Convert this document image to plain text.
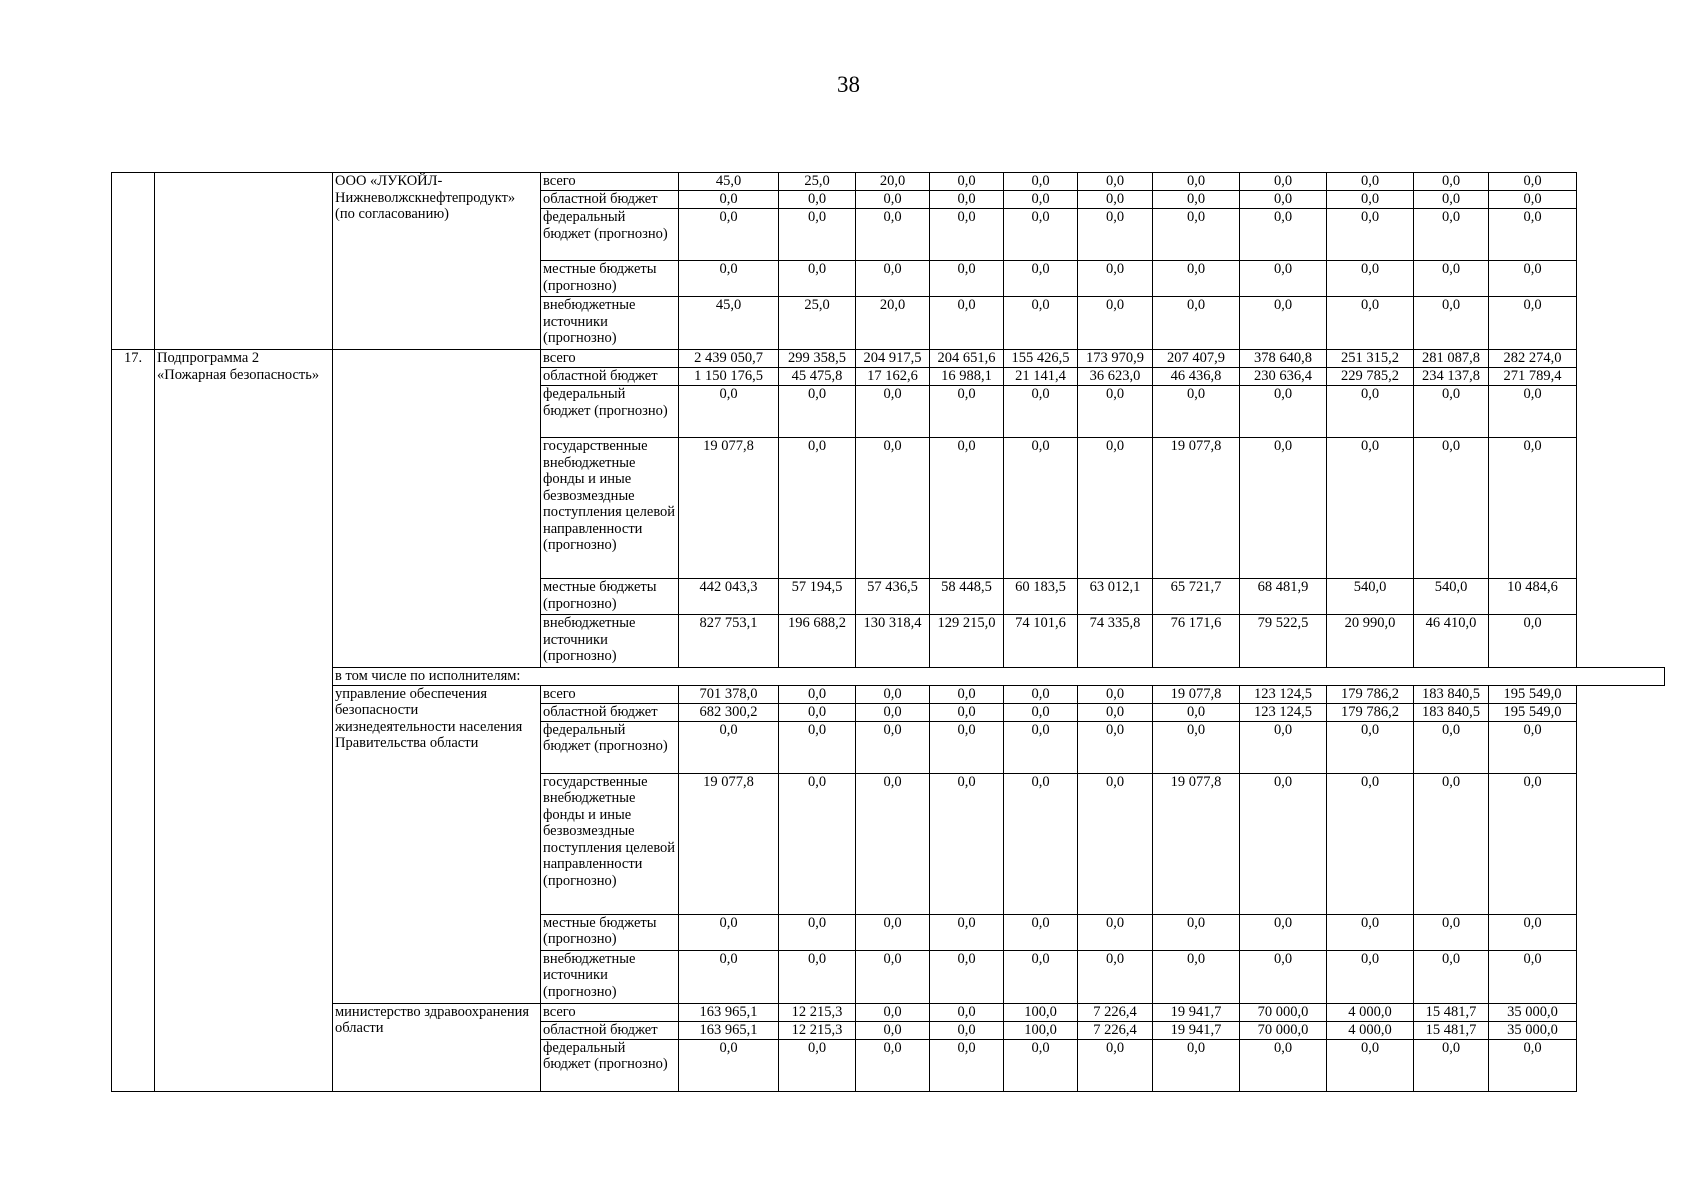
38
		ООО «ЛУКОЙЛ-Нижневолжскнефтепродукт» (по согласованию)	всего	45,0	25,0	20,0	0,0	0,0	0,0	0,0	0,0	0,0	0,0	0,0
			областной бюджет	0,0	0,0	0,0	0,0	0,0	0,0	0,0	0,0	0,0	0,0	0,0
			федеральный бюджет (прогнозно)	0,0	0,0	0,0	0,0	0,0	0,0	0,0	0,0	0,0	0,0	0,0
			местные бюджеты (прогнозно)	0,0	0,0	0,0	0,0	0,0	0,0	0,0	0,0	0,0	0,0	0,0
			внебюджетные источники (прогнозно)	45,0	25,0	20,0	0,0	0,0	0,0	0,0	0,0	0,0	0,0	0,0
17.	Подпрограмма 2 «Пожарная безопасность»		всего	2 439 050,7	299 358,5	204 917,5	204 651,6	155 426,5	173 970,9	207 407,9	378 640,8	251 315,2	281 087,8	282 274,0
			областной бюджет	1 150 176,5	45 475,8	17 162,6	16 988,1	21 141,4	36 623,0	46 436,8	230 636,4	229 785,2	234 137,8	271 789,4
			федеральный бюджет (прогнозно)	0,0	0,0	0,0	0,0	0,0	0,0	0,0	0,0	0,0	0,0	0,0
			государственные внебюджетные фонды и иные безвозмездные поступления целевой направленности (прогнозно)	19 077,8	0,0	0,0	0,0	0,0	0,0	19 077,8	0,0	0,0	0,0	0,0
			местные бюджеты (прогнозно)	442 043,3	57 194,5	57 436,5	58 448,5	60 183,5	63 012,1	65 721,7	68 481,9	540,0	540,0	10 484,6
			внебюджетные источники (прогнозно)	827 753,1	196 688,2	130 318,4	129 215,0	74 101,6	74 335,8	76 171,6	79 522,5	20 990,0	46 410,0	0,0
		в том числе по исполнителям:												
		управление обеспечения безопасности жизнедеятельности населения Правительства области	всего	701 378,0	0,0	0,0	0,0	0,0	0,0	19 077,8	123 124,5	179 786,2	183 840,5	195 549,0
			областной бюджет	682 300,2	0,0	0,0	0,0	0,0	0,0	0,0	123 124,5	179 786,2	183 840,5	195 549,0
			федеральный бюджет (прогнозно)	0,0	0,0	0,0	0,0	0,0	0,0	0,0	0,0	0,0	0,0	0,0
			государственные внебюджетные фонды и иные безвозмездные поступления целевой направленности (прогнозно)	19 077,8	0,0	0,0	0,0	0,0	0,0	19 077,8	0,0	0,0	0,0	0,0
			местные бюджеты (прогнозно)	0,0	0,0	0,0	0,0	0,0	0,0	0,0	0,0	0,0	0,0	0,0
			внебюджетные источники (прогнозно)	0,0	0,0	0,0	0,0	0,0	0,0	0,0	0,0	0,0	0,0	0,0
		министерство здравоохранения области	всего	163 965,1	12 215,3	0,0	0,0	100,0	7 226,4	19 941,7	70 000,0	4 000,0	15 481,7	35 000,0
			областной бюджет	163 965,1	12 215,3	0,0	0,0	100,0	7 226,4	19 941,7	70 000,0	4 000,0	15 481,7	35 000,0
			федеральный бюджет (прогнозно)	0,0	0,0	0,0	0,0	0,0	0,0	0,0	0,0	0,0	0,0	0,0
